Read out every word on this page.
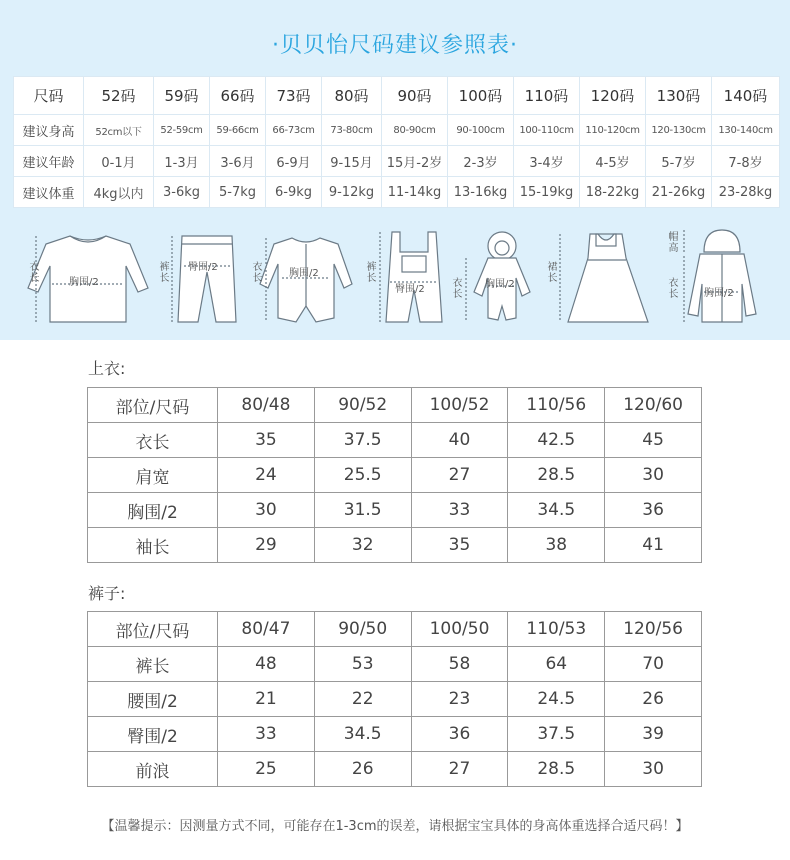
·贝贝怡尺码建议参照表·
尺码	52码	59码	66码	73码	80码	90码	100码	110码	120码	130码	140码
建议身高	52cm以下	52-59cm	59-66cm	66-73cm	73-80cm	80-90cm	90-100cm	100-110cm	110-120cm	120-130cm	130-140cm
建议年龄	0-1月	1-3月	3-6月	6-9月	9-15月	15月-2岁	2-3岁	3-4岁	4-5岁	5-7岁	7-8岁
建议体重	4kg以内	3-6kg	5-7kg	6-9kg	9-12kg	11-14kg	13-16kg	15-19kg	18-22kg	21-26kg	23-28kg
衣长	胸围/2
裤长
臀围/2	衣长	胸围/2
裤长
臀围/2
衣长
胸围/2
裙长
帽高
衣长	胸围/2
上衣:
部位/尺码	80/48	90/52	100/52	110/56	120/60
衣长	35	37.5	40	42.5	45
肩宽	24	25.5	27	28.5	30
胸围/2	30	31.5	33	34.5	36
袖长	29	32	35	38	41
裤子:
部位/尺码	80/47	90/50	100/50	110/53	120/56
裤长	48	53	58	64	70
腰围/2	21	22	23	24.5	26
臀围/2	33	34.5	36	37.5	39
前浪	25	26	27	28.5	30
【温馨提示：因测量方式不同，可能存在1-3cm的误差，请根据宝宝具体的身高体重选择合适尺码！】
